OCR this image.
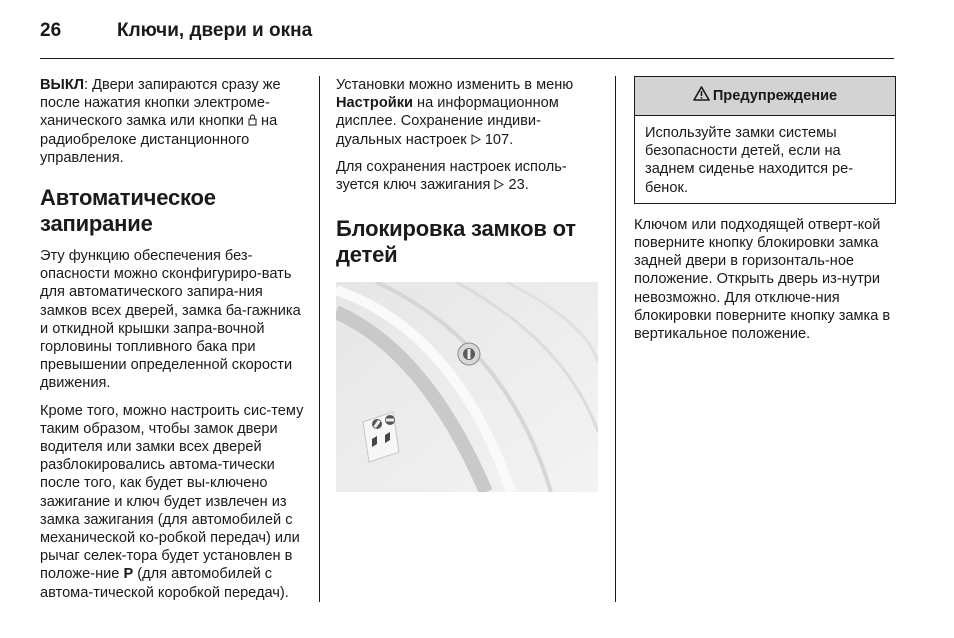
26	Ключи, двери и окна

ВЫКЛ: Двери запираются сразу же после нажатия кнопки электроме-ханического замка или кнопки  на радиобрелоке дистанционного управления.

Автоматическое запирание

Эту функцию обеспечения без-опасности можно сконфигуриро-вать для автоматического запира-ния замков всех дверей, замка ба-гажника и откидной крышки запра-вочной горловины топливного бака при превышении определенной скорости движения.

Кроме того, можно настроить сис-тему таким образом, чтобы замок двери водителя или замки всех дверей разблокировались автома-тически после того, как будет вы-ключено зажигание и ключ будет извлечен из замка зажигания (для автомобилей с механической ко-робкой передач) или рычаг селек-тора будет установлен в положе-ние P (для автомобилей с автома-тической коробкой передач).

Установки можно изменить в меню Настройки на информационном дисплее. Сохранение индиви-дуальных настроек 107.

Для сохранения настроек исполь-зуется ключ зажигания 23.

Блокировка замков от детей
Предупреждение
Используйте замки системы безопасности детей, если на заднем сиденье находится ре-бенок.

Ключом или подходящей отверт-кой поверните кнопку блокировки замка задней двери в горизонталь-ное положение. Открыть дверь из-нутри невозможно. Для отключе-ния блокировки поверните кнопку замка в вертикальное положение.
